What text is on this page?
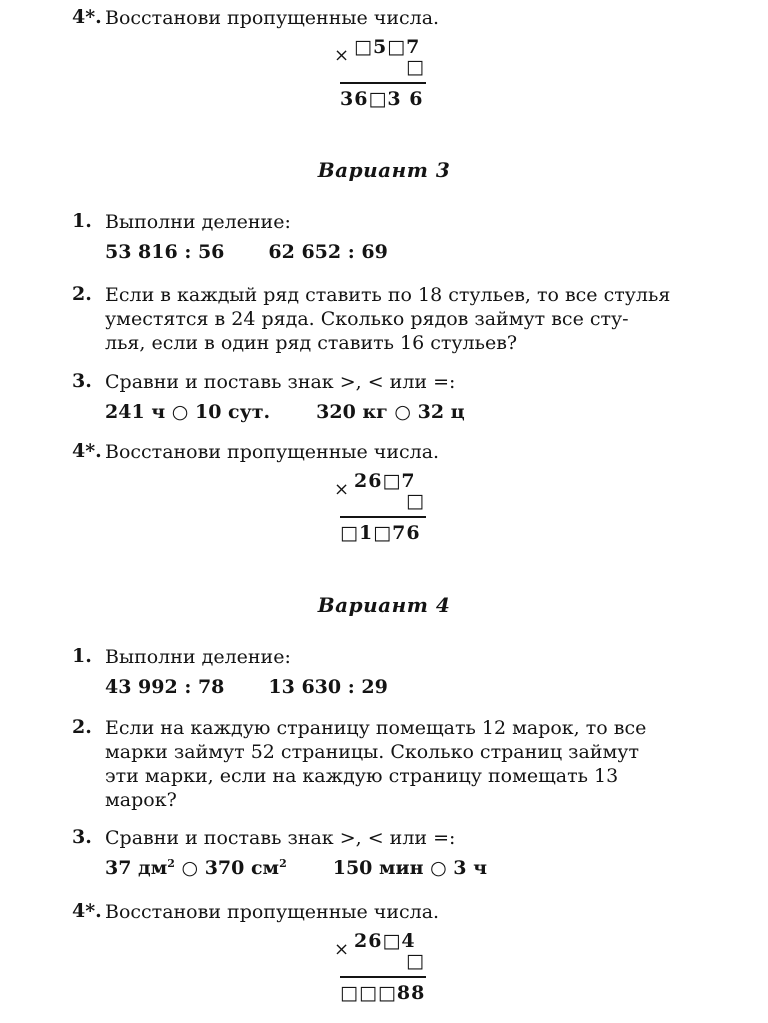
4*. Восстанови пропущенные числа.
× □5□7
□
36□3 6
Вариант 3
1. Выполни деление:
53 816 : 56 62 652 : 69
2. Если в каждый ряд ставить по 18 стульев, то все стулья
уместятся в 24 ряда. Сколько рядов займут все сту-
лья, если в один ряд ставить 16 стульев?
3. Сравни и поставь знак >, < или =:
241 ч ○ 10 сут. 320 кг ○ 32 ц
4*. Восстанови пропущенные числа.
× 26□7
□
□1□76
Вариант 4
1. Выполни деление:
43 992 : 78 13 630 : 29
2. Если на каждую страницу помещать 12 марок, то все
марки займут 52 страницы. Сколько страниц займут
эти марки, если на каждую страницу помещать 13
марок?
3. Сравни и поставь знак >, < или =:
37 $дм^2$ ○ 370 $см^2$ 150 мин ○ 3 ч
4*. Восстанови пропущенные числа.
× 26□4
□
□□□88
